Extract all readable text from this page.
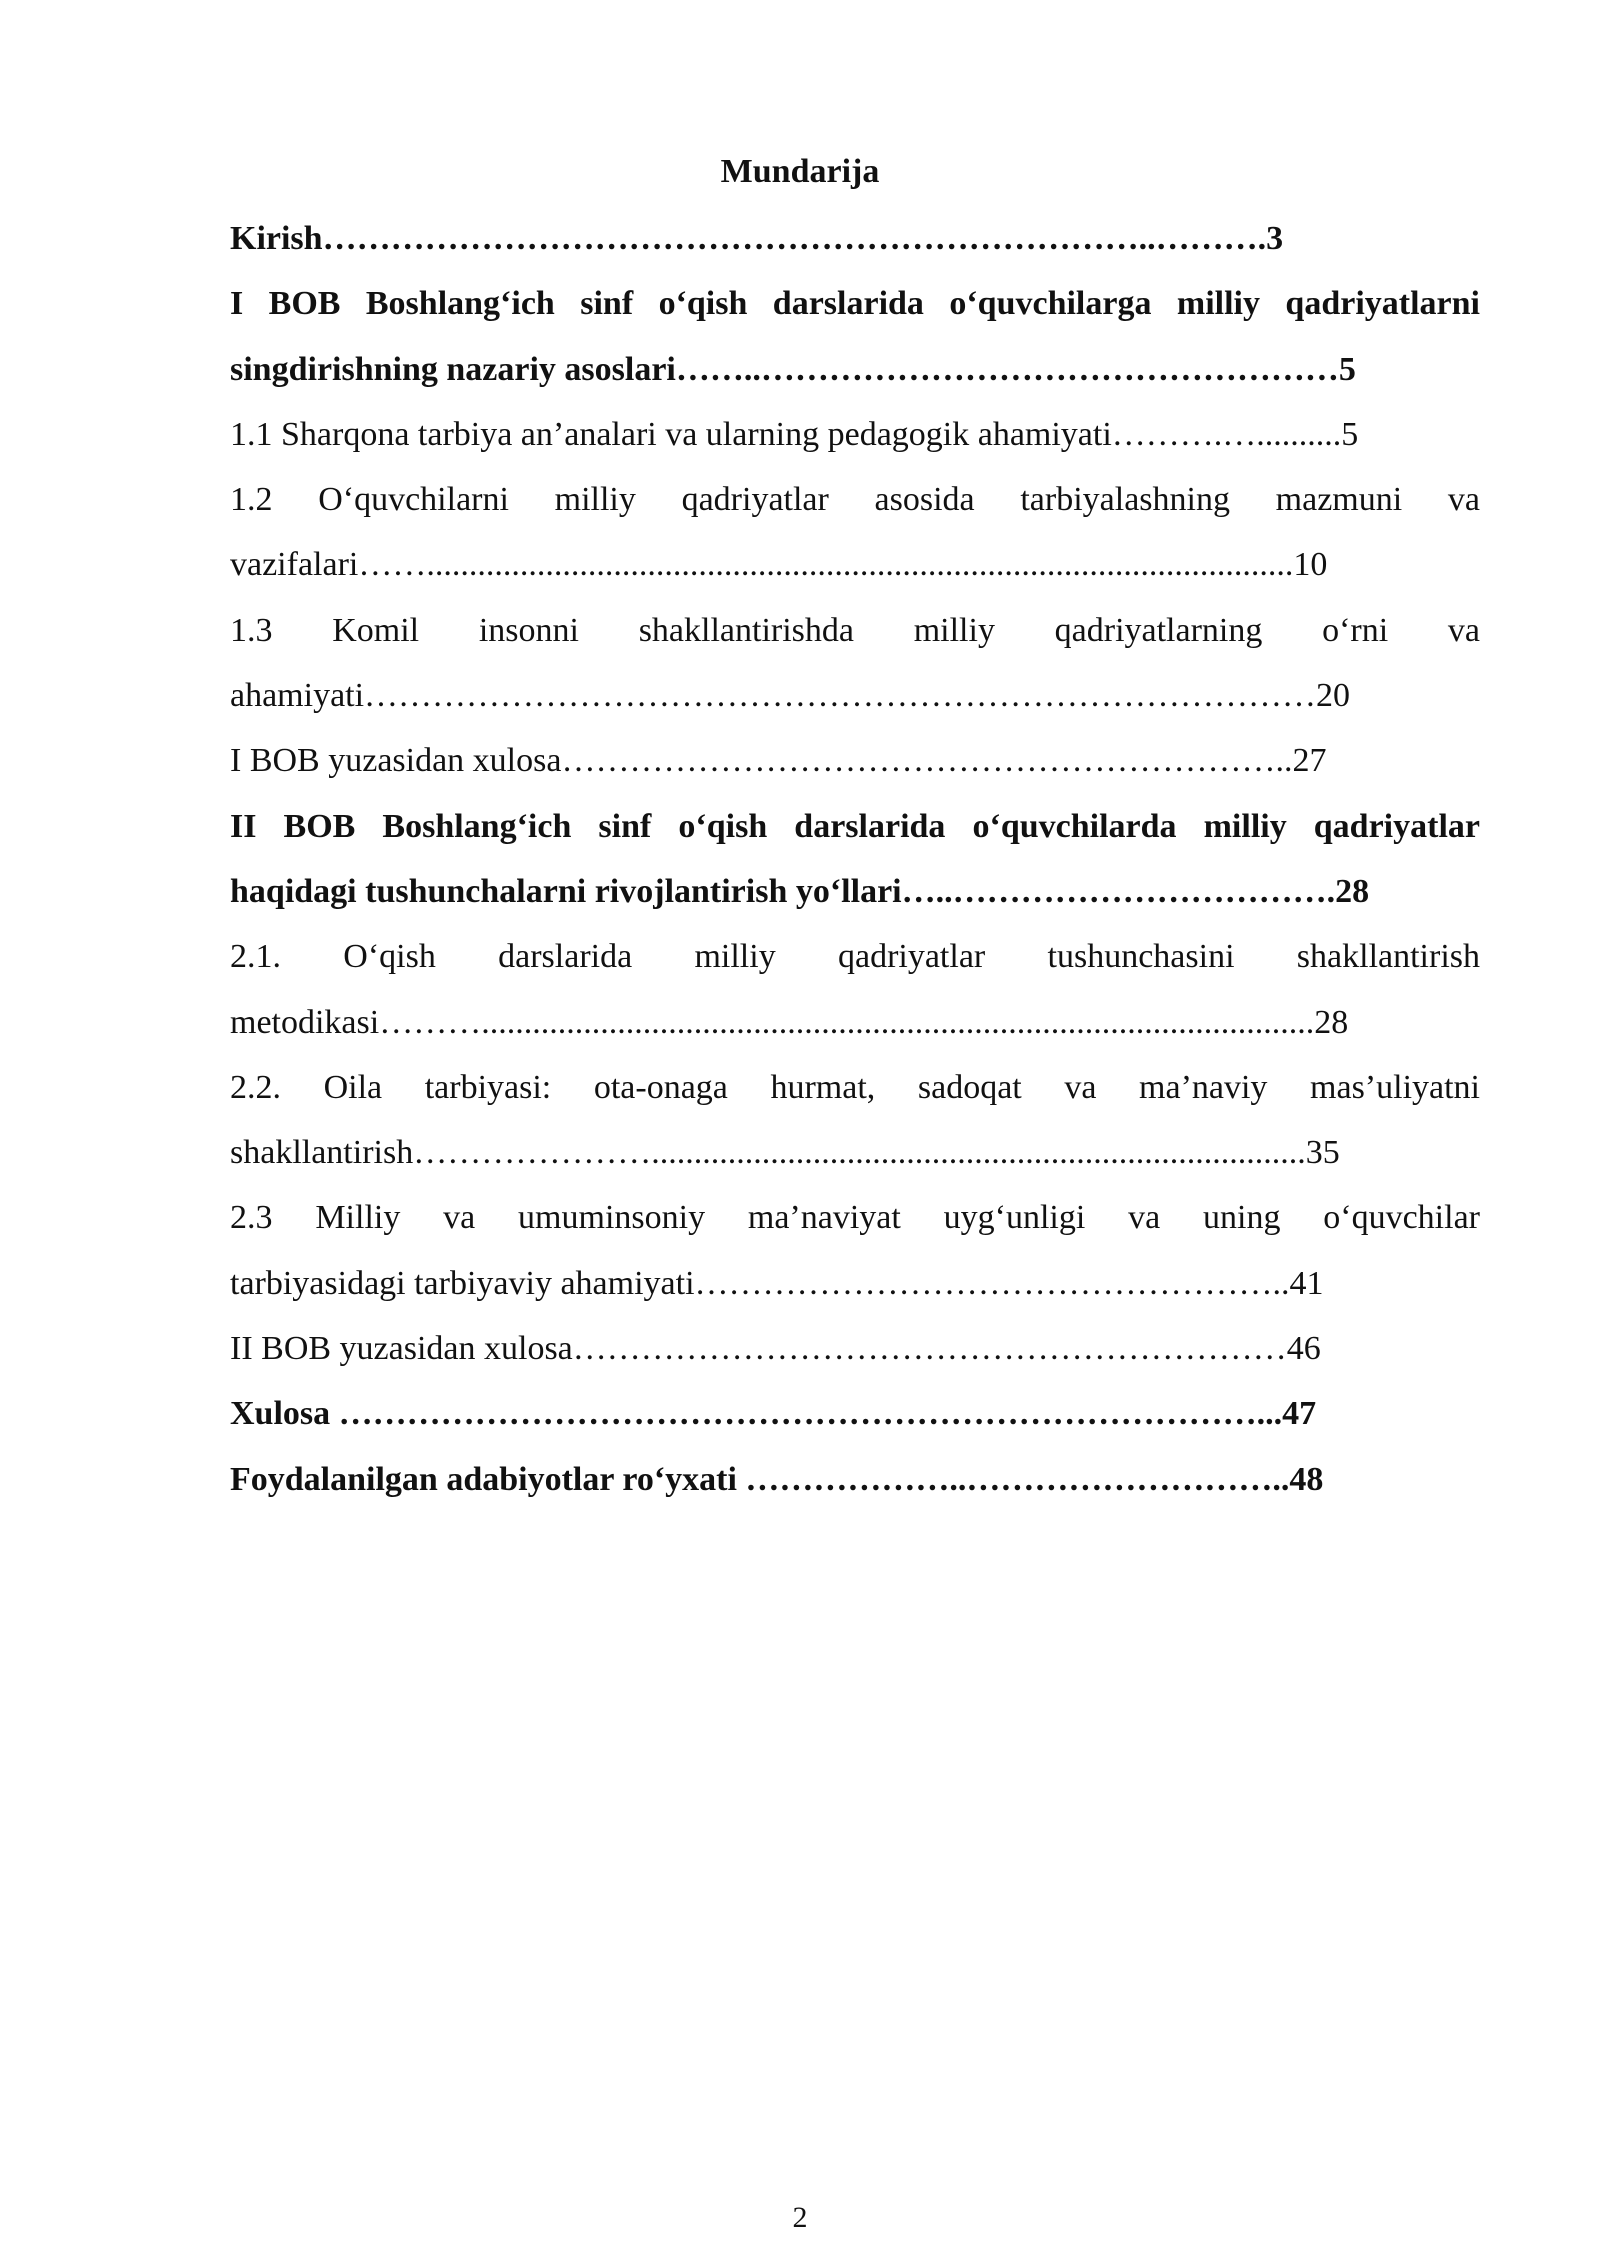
Mundarija
Kirish………………………………………………………………..……….3
I BOB Boshlang‘ich sinf o‘qish darslarida o‘quvchilarga milliy qadriyatlarni
singdirishning nazariy asoslari……..……………………………………………5
1.1 Sharqona tarbiya an’analari va ularning pedagogik ahamiyati……….…..........5
1.2 O‘quvchilarni milliy qadriyatlar asosida tarbiyalashning mazmuni va
vazifalari……......................................................................................................10
1.3 Komil insonni shakllantirishda milliy qadriyatlarning o‘rni va
ahamiyati…………………………………………………………………………20
I BOB yuzasidan xulosa………………………………………………………..27
II BOB Boshlang‘ich sinf o‘qish darslarida o‘quvchilarda milliy qadriyatlar
haqidagi tushunchalarni rivojlantirish yo‘llari…..…………………………….28
2.1. O‘qish darslarida milliy qadriyatlar tushunchasini shakllantirish
metodikasi………..................................................................................................28
2.2. Oila tarbiyasi: ota-onaga hurmat, sadoqat va ma’naviy mas’uliyatni
shakllantirish………………….............................................................................35
2.3 Milliy va umuminsoniy ma’naviyat uyg‘unligi va uning o‘quvchilar
tarbiyasidagi tarbiyaviy ahamiyati……………………………………………..41
II BOB yuzasidan xulosa………………………………………………………46
Xulosa ………………………………………………………………………...47
Foydalanilgan adabiyotlar ro‘yxati ………………..………………………..48
2
